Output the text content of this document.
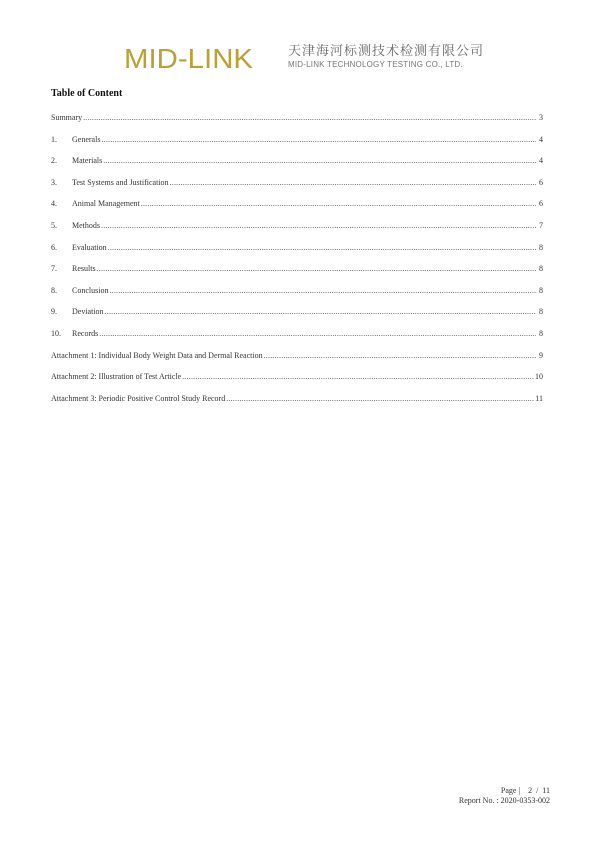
MID-LINK	天津海河标测技术检测有限公司
MID-LINK TECHNOLOGY TESTING CO., LTD.
Table of Content
Summary .....	3
1.	Generals .....	4
2.	Materials .....	4
3.	Test Systems and Justification .....	6
4.	Animal Management .....	6
5.	Methods .....	7
6.	Evaluation .....	8
7.	Results .....	8
8.	Conclusion .....	8
9.	Deviation .....	8
10.	Records .....	8
Attachment 1: Individual Body Weight Data and Dermal Reaction .....	9
Attachment 2: Illustration of Test Article .....	10
Attachment 3: Periodic Positive Control Study Record .....	11
Page | 2 / 11
Report No. : 2020-0353-002
